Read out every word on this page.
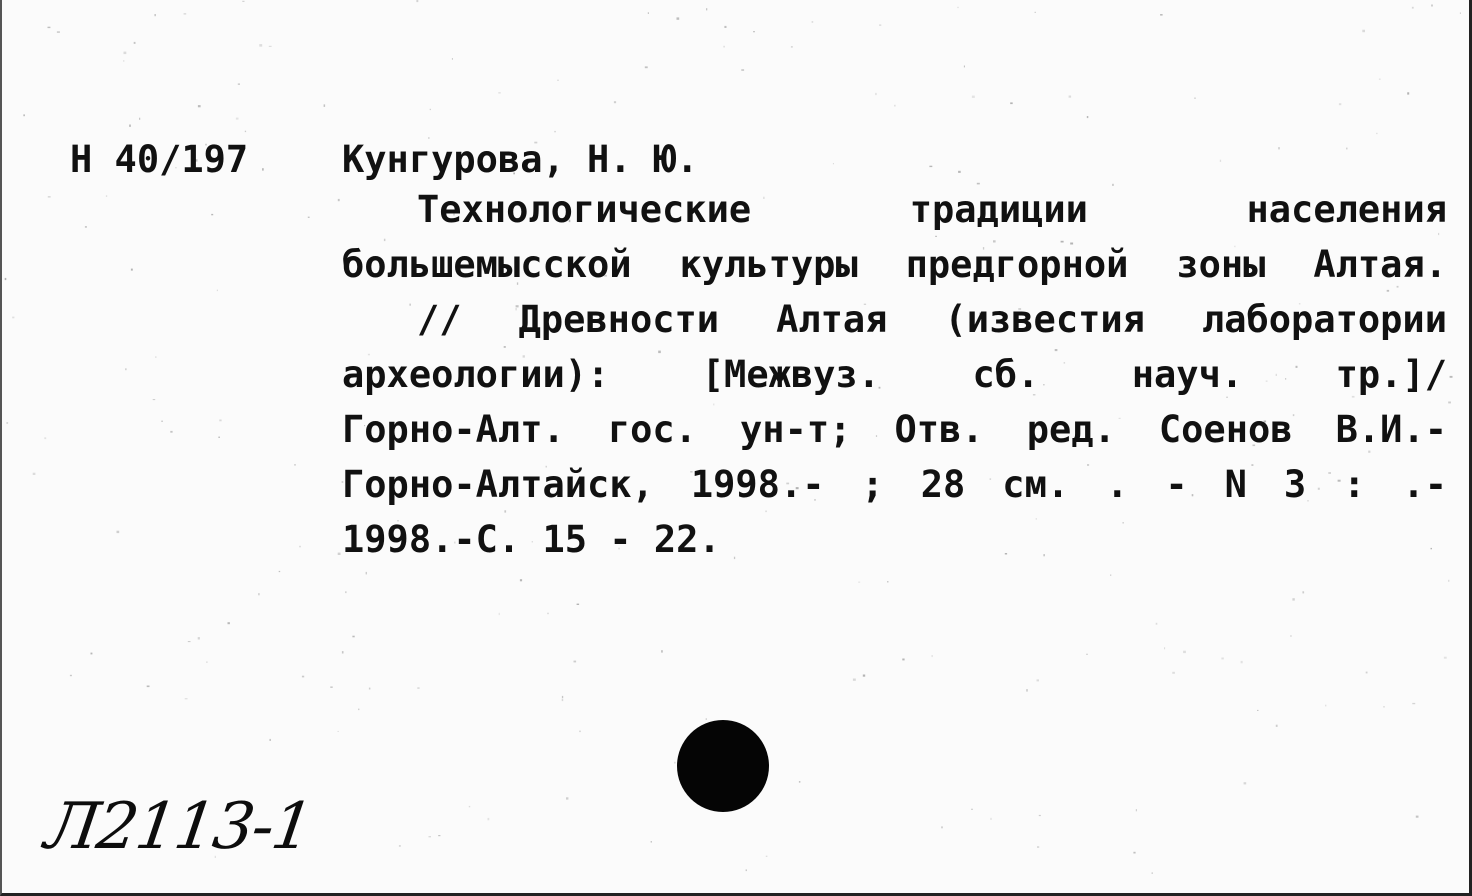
Н 40/197	Кунгурова, Н. Ю.
Технологические традиции населения
большемысской культуры предгорной зоны Алтая.
// Древности Алтая (известия лаборатории
археологии): [Межвуз. сб. науч. тр.]/
Горно-Алт. гос. ун-т; Отв. ред. Соенов В.И.-
Горно-Алтайск, 1998.- ; 28 см. . - N 3 : .-
1998.-С. 15 - 22.
Л2113-1
